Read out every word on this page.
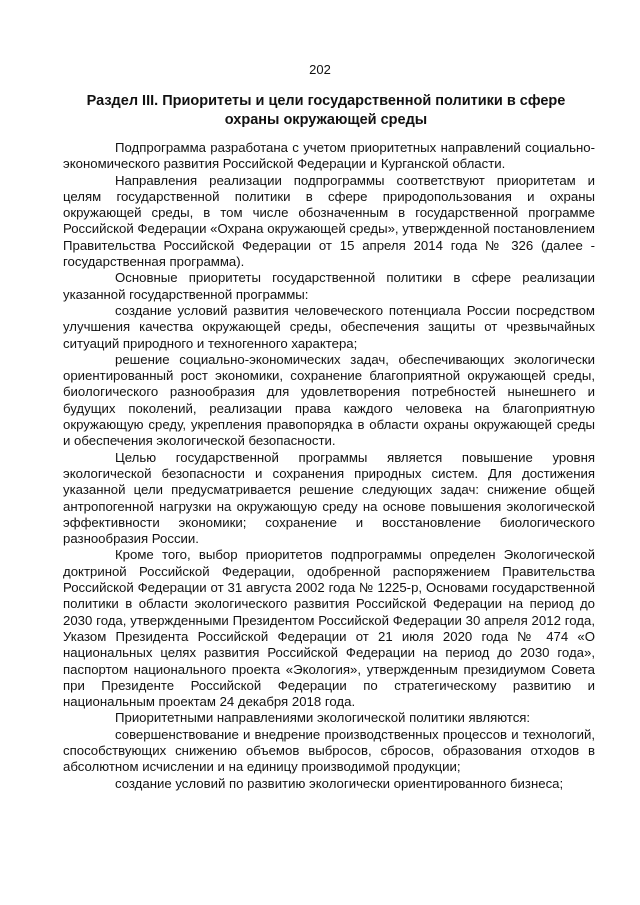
202
Раздел III. Приоритеты и цели государственной политики в сфере охраны окружающей среды

Подпрограмма разработана с учетом приоритетных направлений социально-экономического развития Российской Федерации и Курганской области.

Направления реализации подпрограммы соответствуют приоритетам и целям государственной политики в сфере природопользования и охраны окружающей среды, в том числе обозначенным в государственной программе Российской Федерации «Охрана окружающей среды», утвержденной постановлением Правительства Российской Федерации от 15 апреля 2014 года № 326 (далее - государственная программа).

Основные приоритеты государственной политики в сфере реализации указанной государственной программы:

создание условий развития человеческого потенциала России посредством улучшения качества окружающей среды, обеспечения защиты от чрезвычайных ситуаций природного и техногенного характера;

решение социально-экономических задач, обеспечивающих экологически ориентированный рост экономики, сохранение благоприятной окружающей среды, биологического разнообразия для удовлетворения потребностей нынешнего и будущих поколений, реализации права каждого человека на благоприятную окружающую среду, укрепления правопорядка в области охраны окружающей среды и обеспечения экологической безопасности.

Целью государственной программы является повышение уровня экологической безопасности и сохранения природных систем. Для достижения указанной цели предусматривается решение следующих задач: снижение общей антропогенной нагрузки на окружающую среду на основе повышения экологической эффективности экономики; сохранение и восстановление биологического разнообразия России.

Кроме того, выбор приоритетов подпрограммы определен Экологической доктриной Российской Федерации, одобренной распоряжением Правительства Российской Федерации от 31 августа 2002 года № 1225-р, Основами государственной политики в области экологического развития Российской Федерации на период до 2030 года, утвержденными Президентом Российской Федерации 30 апреля 2012 года, Указом Президента Российской Федерации от 21 июля 2020 года № 474 «О национальных целях развития Российской Федерации на период до 2030 года», паспортом национального проекта «Экология», утвержденным президиумом Совета при Президенте Российской Федерации по стратегическому развитию и национальным проектам 24 декабря 2018 года.

Приоритетными направлениями экологической политики являются:

совершенствование и внедрение производственных процессов и технологий, способствующих снижению объемов выбросов, сбросов, образования отходов в абсолютном исчислении и на единицу производимой продукции;

создание условий по развитию экологически ориентированного бизнеса;
